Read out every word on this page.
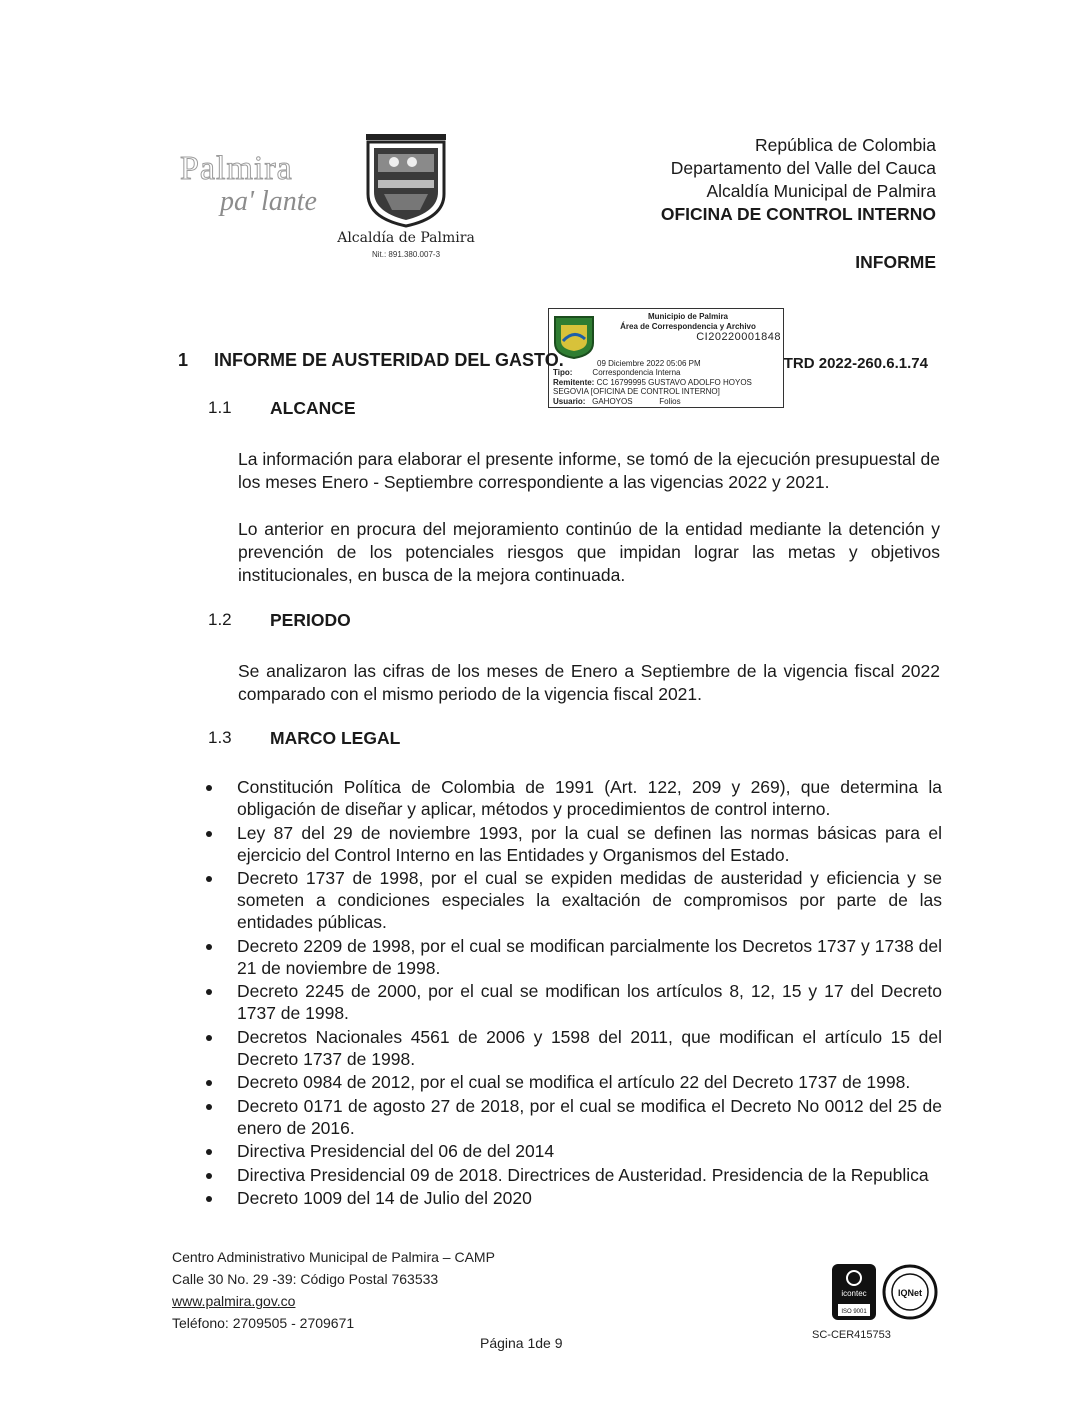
Palmira
pa' lante
Alcaldía de Palmira
Nit.: 891.380.007-3
República de Colombia
Departamento del Valle del Cauca
Alcaldía Municipal de Palmira
OFICINA DE CONTROL INTERNO
INFORME
Municipio de Palmira
Área de Correspondencia y Archivo
CI20220001848
09 Diciembre 2022 05:06 PM
Tipo:	Correspondencia Interna
Remitente: CC 16799995 GUSTAVO ADOLFO HOYOS
SEGOVIA [OFICINA DE CONTROL INTERNO]
Usuario: GAHOYOS	Folios
1 INFORME DE AUSTERIDAD DEL GASTO.	TRD 2022-260.6.1.74
1.1 ALCANCE
La información para elaborar el presente informe, se tomó de la ejecución presupuestal de los meses Enero - Septiembre correspondiente a las vigencias 2022 y 2021.
Lo anterior en procura del mejoramiento continúo de la entidad mediante la detención y prevención de los potenciales riesgos que impidan lograr las metas y objetivos institucionales, en busca de la mejora continuada.
1.2 PERIODO
Se analizaron las cifras de los meses de Enero a Septiembre de la vigencia fiscal 2022 comparado con el mismo periodo de la vigencia fiscal 2021.
1.3 MARCO LEGAL
Constitución Política de Colombia de 1991 (Art. 122, 209 y 269), que determina la obligación de diseñar y aplicar, métodos y procedimientos de control interno.
Ley 87 del 29 de noviembre 1993, por la cual se definen las normas básicas para el ejercicio del Control Interno en las Entidades y Organismos del Estado.
Decreto 1737 de 1998, por el cual se expiden medidas de austeridad y eficiencia y se someten a condiciones especiales la exaltación de compromisos por parte de las entidades públicas.
Decreto 2209 de 1998, por el cual se modifican parcialmente los Decretos 1737 y 1738 del 21 de noviembre de 1998.
Decreto 2245 de 2000, por el cual se modifican los artículos 8, 12, 15 y 17 del Decreto 1737 de 1998.
Decretos Nacionales 4561 de 2006 y 1598 del 2011, que modifican el artículo 15 del Decreto 1737 de 1998.
Decreto 0984 de 2012, por el cual se modifica el artículo 22 del Decreto 1737 de 1998.
Decreto 0171 de agosto 27 de 2018, por el cual se modifica el Decreto No 0012 del 25 de enero de 2016.
Directiva Presidencial del 06 de del 2014
Directiva Presidencial 09 de 2018. Directrices de Austeridad. Presidencia de la Republica
Decreto 1009 del 14 de Julio del 2020
Centro Administrativo Municipal de Palmira – CAMP
Calle 30 No. 29 -39: Código Postal 763533
www.palmira.gov.co
Teléfono: 2709505 - 2709671
Página 1de 9
icontec
ISO 9001
IQNet
SC-CER415753
